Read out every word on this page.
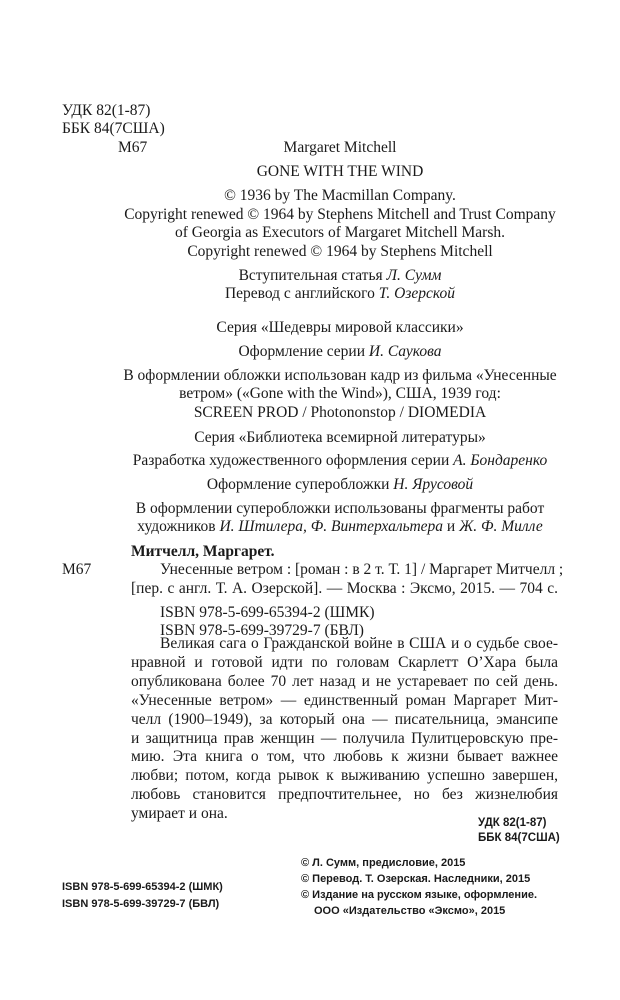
УДК 82(1-87)
ББК 84(7США)
М67	Margaret Mitchell
GONE WITH THE WIND
© 1936 by The Macmillan Company.
Copyright renewed © 1964 by Stephens Mitchell and Trust Company
of Georgia as Executors of Margaret Mitchell Marsh.
Copyright renewed © 1964 by Stephens Mitchell
Вступительная статья Л. Сумм
Перевод с английского Т. Озерской
Серия «Шедевры мировой классики»
Оформление серии И. Саукова
В оформлении обложки использован кадр из фильма «Унесенные
ветром» («Gone with the Wind»), США, 1939 год:
SCREEN PROD / Photononstop / DIOMEDIA
Серия «Библиотека всемирной литературы»
Разработка художественного оформления серии А. Бондаренко
Оформление суперобложки Н. Ярусовой
В оформлении суперобложки использованы фрагменты работ
художников И. Штилера, Ф. Винтерхальтера и Ж. Ф. Милле
Митчелл, Маргарет.
М67	Унесенные ветром : [роман : в 2 т. Т. 1] / Маргарет Митчелл ;
[пер. с англ. Т. А. Озерской]. — Москва : Эксмо, 2015. — 704 с.
ISBN 978-5-699-65394-2 (ШМК)
ISBN 978-5-699-39729-7 (БВЛ)
Великая сага о Гражданской войне в США и о судьбе свое-
нравной и готовой идти по головам Скарлетт О’Хара была
опубликована более 70 лет назад и не устаревает по сей день.
«Унесенные ветром» — единственный роман Маргарет Мит-
челл (1900–1949), за который она — писательница, эмансипе
и защитница прав женщин — получила Пулитцеровскую пре-
мию. Эта книга о том, что любовь к жизни бывает важнее
любви; потом, когда рывок к выживанию успешно завершен,
любовь становится предпочтительнее, но без жизнелюбия
умирает и она.
УДК 82(1-87)
ББК 84(7США)
ISBN 978-5-699-65394-2 (ШМК)
ISBN 978-5-699-39729-7 (БВЛ)
© Л. Сумм, предисловие, 2015
© Перевод. Т. Озерская. Наследники, 2015
© Издание на русском языке, оформление.
ООО «Издательство «Эксмо», 2015
